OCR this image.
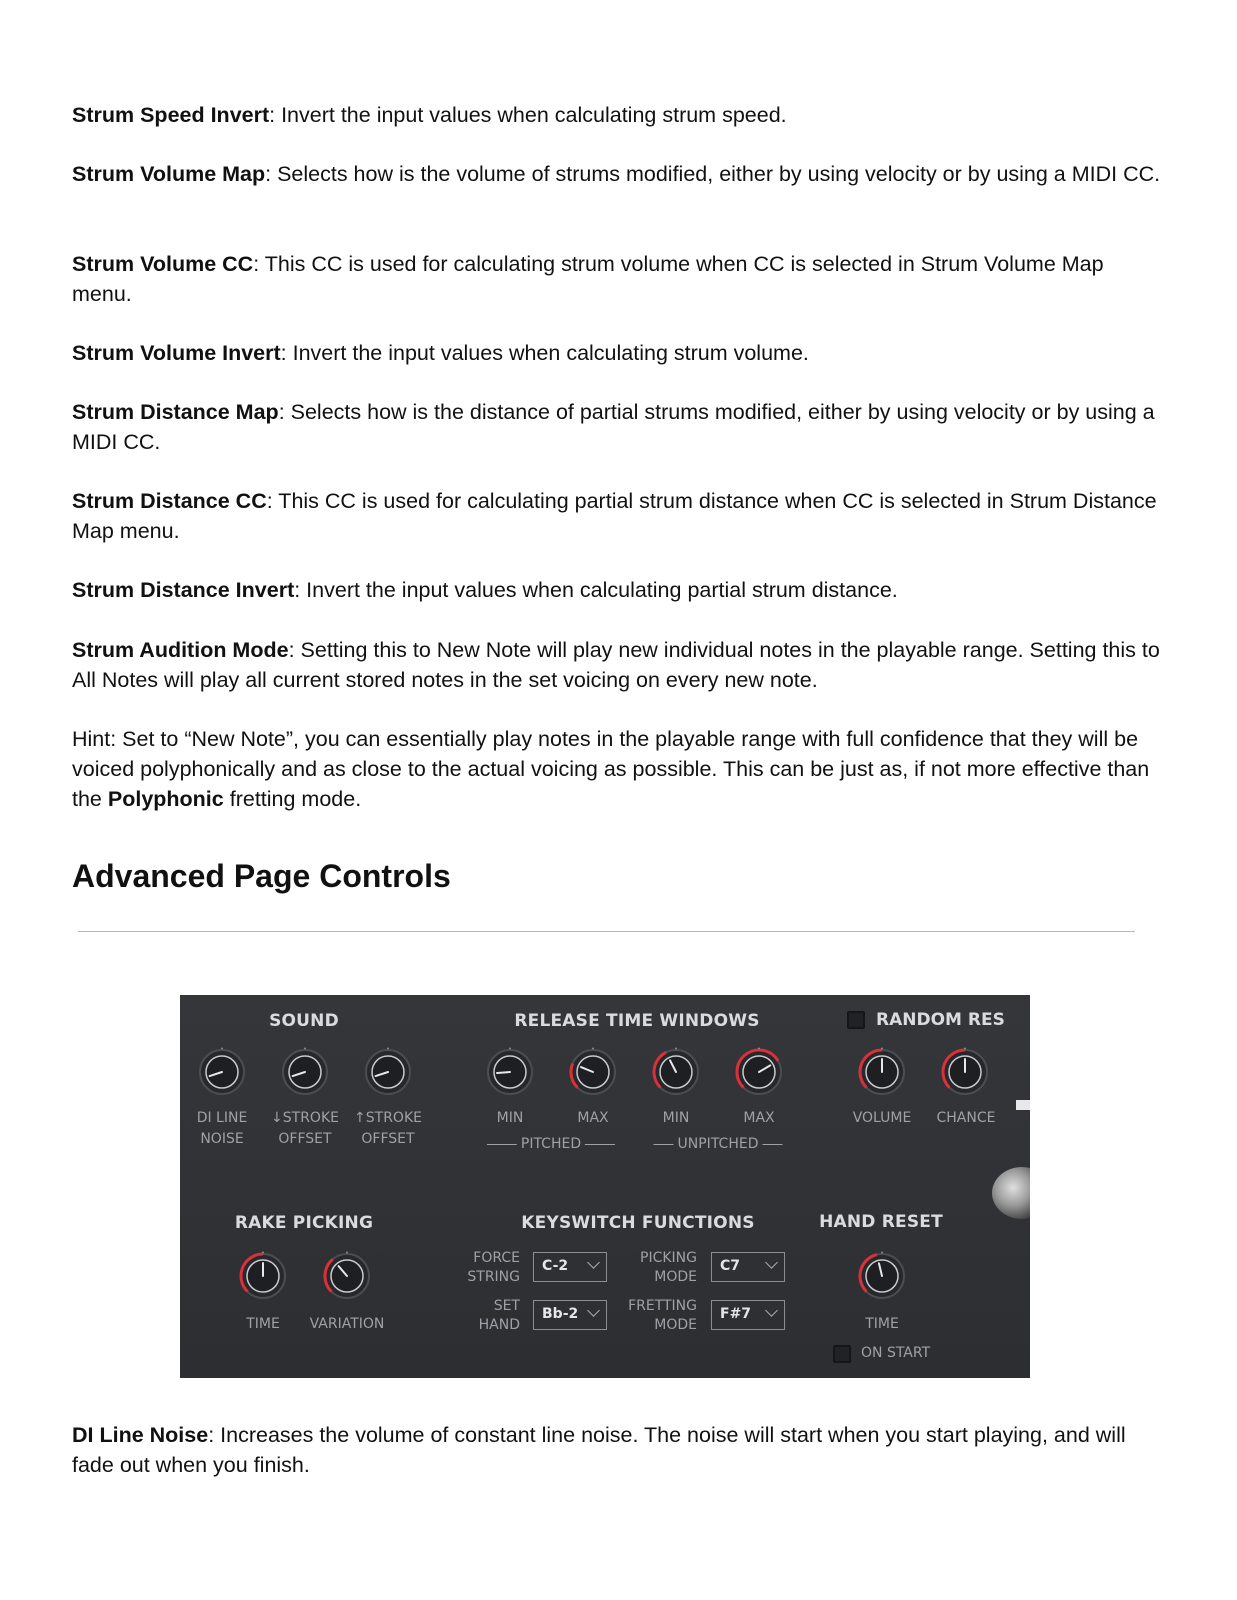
Strum Speed Invert: Invert the input values when calculating strum speed.

Strum Volume Map: Selects how is the volume of strums modified, either by using velocity or by using a MIDI CC.

Strum Volume CC: This CC is used for calculating strum volume when CC is selected in Strum Volume Map menu.

Strum Volume Invert: Invert the input values when calculating strum volume.

Strum Distance Map: Selects how is the distance of partial strums modified, either by using velocity or by using a MIDI CC.

Strum Distance CC: This CC is used for calculating partial strum distance when CC is selected in Strum Distance Map menu.

Strum Distance Invert: Invert the input values when calculating partial strum distance.

Strum Audition Mode: Setting this to New Note will play new individual notes in the playable range. Setting this to All Notes will play all current stored notes in the set voicing on every new note.

Hint: Set to “New Note”, you can essentially play notes in the playable range with full confidence that they will be voiced polyphonically and as close to the actual voicing as possible. This can be just as, if not more effective than the Polyphonic fretting mode.

Advanced Page Controls
SOUND
DI LINE
NOISE
↓STROKE
OFFSET
↑STROKE
OFFSET
RELEASE TIME WINDOWS
MIN	MAX	MIN	MAX
PITCHED	UNPITCHED
RANDOM RES
VOLUME CHANCE
RAKE PICKING
TIME VARIATION
KEYSWITCH FUNCTIONS
FORCE
STRING
C-2
SET
HAND
Bb-2
PICKING
MODE
C7
FRETTING
MODE
F#7
HAND RESET
TIME
ON START

DI Line Noise: Increases the volume of constant line noise. The noise will start when you start playing, and will fade out when you finish.
